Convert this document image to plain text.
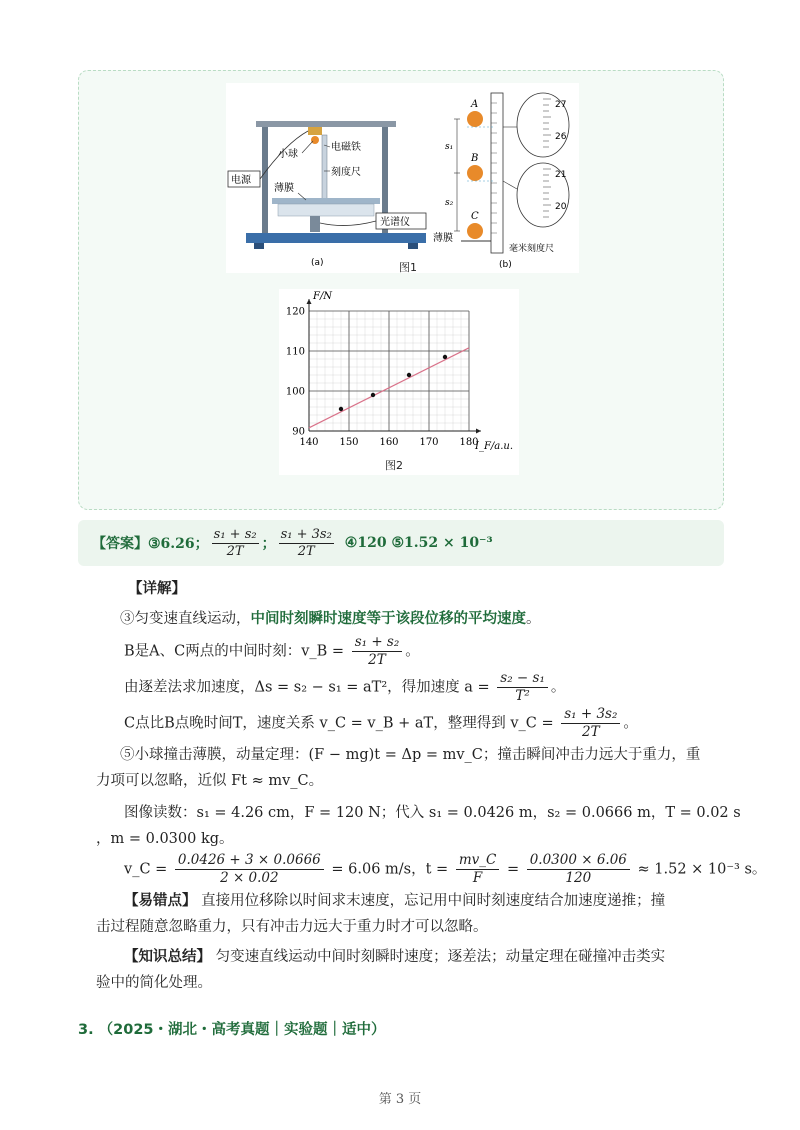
小球
电磁铁
刻度尺
电源
薄膜
光谱仪
(a)
A
B
C
s₁
s₂
薄膜
27
26
21
20
毫米刻度尺
(b)
图1
140 150 160 170 180
90
100
110
120
F/N
I_F/a.u.
图2
【答案】 ③6.26； $\frac{\text{s₁ + s₂}}{2T}$ ； $\frac{\text{s₁ + 3s₂}}{2T}$ ④120 ⑤1.52 × 10⁻³
【详解】
③匀变速直线运动，中间时刻瞬时速度等于该段位移的平均速度。
B是A、C两点的中间时刻：v_B = $\frac{\text{s₁ + s₂}}{2T}$ 。
由逐差法求加速度，Δs = s₂ − s₁ = aT²，得加速度 $a = \frac{\text{s₂ − s₁}}{\text{T²}}$ 。
C点比B点晚时间T，速度关系 v_C = v_B + aT，整理得到 v_C = $\frac{\text{s₁ + 3s₂}}{2T}$ 。
⑤小球撞击薄膜，动量定理：(F − mg)t = Δp = mv_C；撞击瞬间冲击力远大于重力，重
力项可以忽略，近似 Ft ≈ mv_C。
图像读数：s₁ = 4.26 cm，F = 120 N；代入 s₁ = 0.0426 m，s₂ = 0.0666 m，T = 0.02 s
，m = 0.0300 kg。
v_C = $\frac{0.0426 + 3 \times 0.0666}{2 \times 0.02} = 6.06$ m/s，$t = \frac{mv\_C}{F} = \frac{0.0300 \times 6.06}{120} \approx 1.52 \times 10^{-3}$ s。
【易错点】 直接用位移除以时间求末速度，忘记用中间时刻速度结合加速度递推；撞
击过程随意忽略重力，只有冲击力远大于重力时才可以忽略。
【知识总结】 匀变速直线运动中间时刻瞬时速度；逐差法；动量定理在碰撞冲击类实
验中的简化处理。
3. （2025・湖北・高考真题｜实验题｜适中）
第 3 页
